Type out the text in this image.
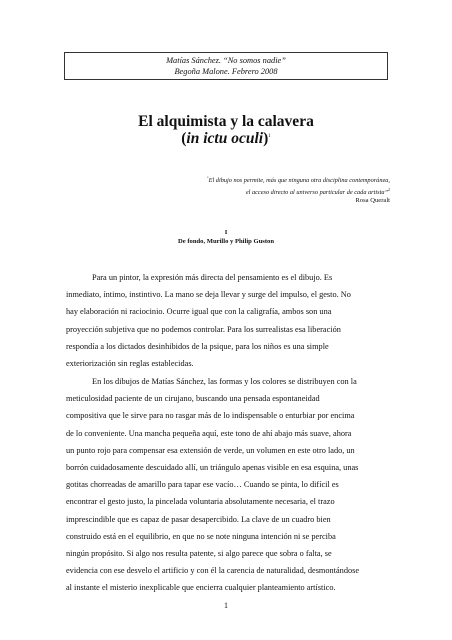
Matías Sánchez. “No somos nadie”
Begoña Malone. Febrero 2008
El alquimista y la calavera
(in ictu oculi)$^1$
“El dibujo nos permite, más que ninguna otra disciplina contemporánea,
el acceso directo al universo particular de cada artista”$^2$
Rosa Queralt
I
De fondo, Murillo y Philip Guston
Para un pintor, la expresión más directa del pensamiento es el dibujo. Es
inmediato, íntimo, instintivo. La mano se deja llevar y surge del impulso, el gesto. No
hay elaboración ni raciocinio. Ocurre igual que con la caligrafía, ambos son una
proyección subjetiva que no podemos controlar. Para los surrealistas esa liberación
respondía a los dictados desinhibidos de la psique, para los niños es una simple
exteriorización sin reglas establecidas.
En los dibujos de Matías Sánchez, las formas y los colores se distribuyen con la
meticulosidad paciente de un cirujano, buscando una pensada espontaneidad
compositiva que le sirve para no rasgar más de lo indispensable o enturbiar por encima
de lo conveniente. Una mancha pequeña aquí, este tono de ahí abajo más suave, ahora
un punto rojo para compensar esa extensión de verde, un volumen en este otro lado, un
borrón cuidadosamente descuidado allí, un triángulo apenas visible en esa esquina, unas
gotitas chorreadas de amarillo para tapar ese vacío… Cuando se pinta, lo difícil es
encontrar el gesto justo, la pincelada voluntaria absolutamente necesaria, el trazo
imprescindible que es capaz de pasar desapercibido. La clave de un cuadro bien
construido está en el equilibrio, en que no se note ninguna intención ni se perciba
ningún propósito. Si algo nos resulta patente, si algo parece que sobra o falta, se
evidencia con ese desvelo el artificio y con él la carencia de naturalidad, desmontándose
al instante el misterio inexplicable que encierra cualquier planteamiento artístico.
1
